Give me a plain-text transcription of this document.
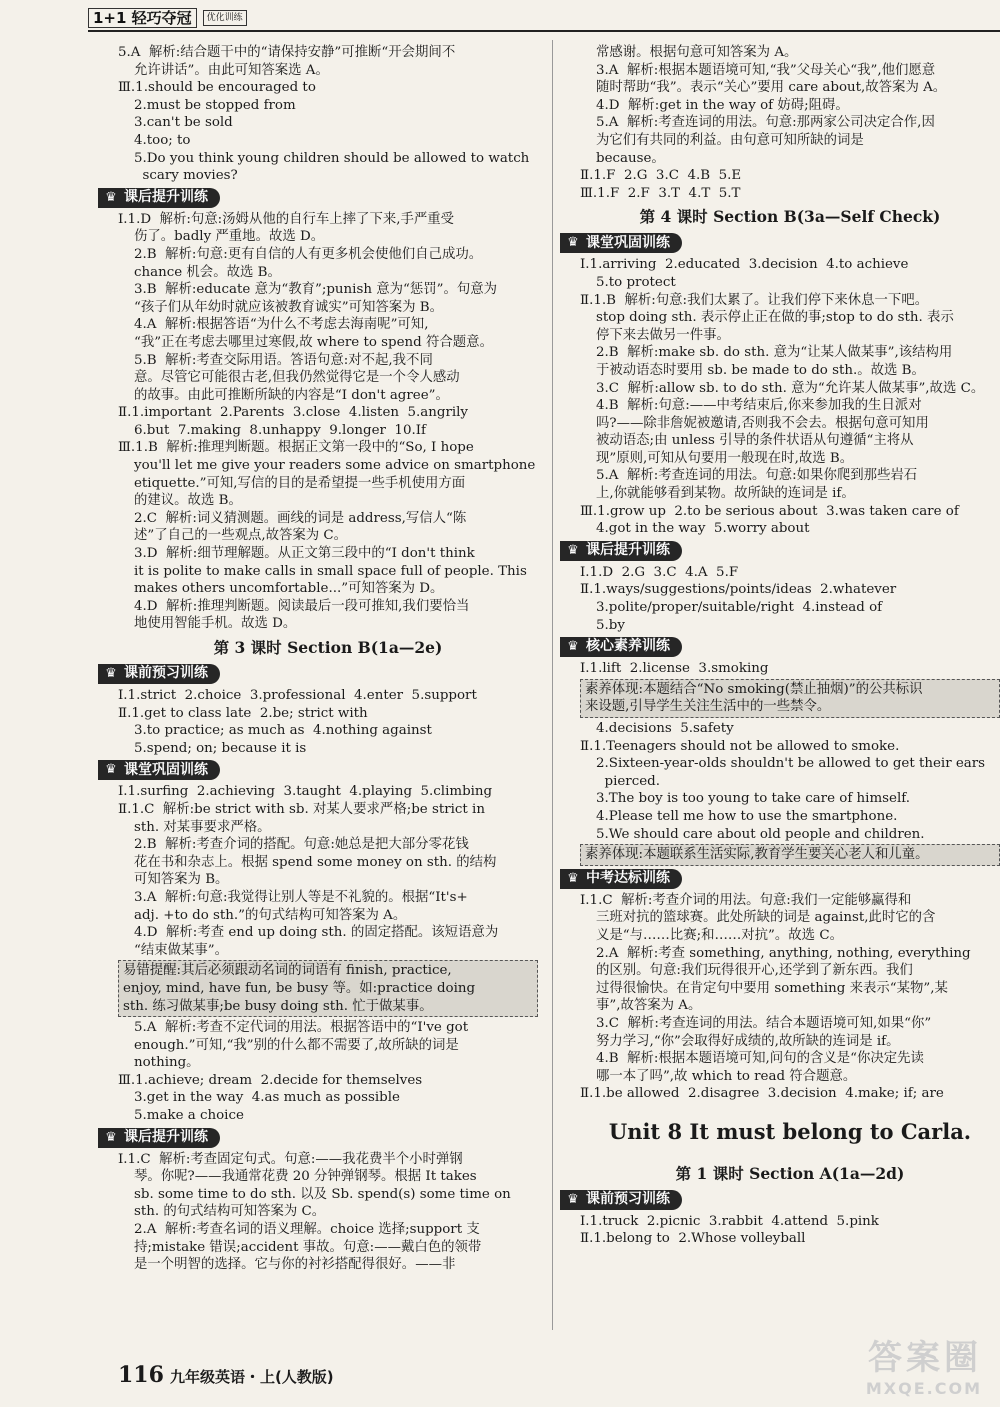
1+1 轻巧夺冠	优化训练
5.A  解析:结合题干中的“请保持安静”可推断“开会期间不
允许讲话”。由此可知答案选 A。
Ⅲ.1.should be encouraged to
2.must be stopped from
3.can't be sold
4.too; to
5.Do you think young children should be allowed to watch
scary movies?
♛ 课后提升训练
Ⅰ.1.D  解析:句意:汤姆从他的自行车上摔了下来,手严重受
伤了。badly 严重地。故选 D。
2.B  解析:句意:更有自信的人有更多机会使他们自己成功。
chance 机会。故选 B。
3.B  解析:educate 意为“教育”;punish 意为“惩罚”。句意为
“孩子们从年幼时就应该被教育诚实”可知答案为 B。
4.A  解析:根据答语“为什么不考虑去海南呢”可知,
“我”正在考虑去哪里过寒假,故 where to spend 符合题意。
5.B  解析:考查交际用语。答语句意:对不起,我不同
意。尽管它可能很古老,但我仍然觉得它是一个令人感动
的故事。由此可推断所缺的内容是“I don't agree”。
Ⅱ.1.important  2.Parents  3.close  4.listen  5.angrily
6.but  7.making  8.unhappy  9.longer  10.If
Ⅲ.1.B  解析:推理判断题。根据正文第一段中的“So, I hope
you'll let me give your readers some advice on smartphone
etiquette.”可知,写信的目的是希望提一些手机使用方面
的建议。故选 B。
2.C  解析:词义猜测题。画线的词是 address,写信人“陈
述”了自己的一些观点,故答案为 C。
3.D  解析:细节理解题。从正文第三段中的“I don't think
it is polite to make calls in small space full of people. This
makes others uncomfortable...”可知答案为 D。
4.D  解析:推理判断题。阅读最后一段可推知,我们要恰当
地使用智能手机。故选 D。
第 3 课时 Section B(1a—2e)
♛ 课前预习训练
Ⅰ.1.strict  2.choice  3.professional  4.enter  5.support
Ⅱ.1.get to class late  2.be; strict with
3.to practice; as much as  4.nothing against
5.spend; on; because it is
♛ 课堂巩固训练
Ⅰ.1.surfing  2.achieving  3.taught  4.playing  5.climbing
Ⅱ.1.C  解析:be strict with sb. 对某人要求严格;be strict in
sth. 对某事要求严格。
2.B  解析:考查介词的搭配。句意:她总是把大部分零花钱
花在书和杂志上。根据 spend some money on sth. 的结构
可知答案为 B。
3.A  解析:句意:我觉得让别人等是不礼貌的。根据“It's+
adj. +to do sth.”的句式结构可知答案为 A。
4.D  解析:考查 end up doing sth. 的固定搭配。该短语意为
“结束做某事”。
易错提醒:其后必须跟动名词的词语有 finish, practice,
enjoy, mind, have fun, be busy 等。如:practice doing
sth. 练习做某事;be busy doing sth. 忙于做某事。
5.A  解析:考查不定代词的用法。根据答语中的“I've got
enough.”可知,“我”别的什么都不需要了,故所缺的词是
nothing。
Ⅲ.1.achieve; dream  2.decide for themselves
3.get in the way  4.as much as possible
5.make a choice
♛ 课后提升训练
Ⅰ.1.C  解析:考查固定句式。句意:——我花费半个小时弹钢
琴。你呢?——我通常花费 20 分钟弹钢琴。根据 It takes
sb. some time to do sth. 以及 Sb. spend(s) some time on
sth. 的句式结构可知答案为 C。
2.A  解析:考查名词的语义理解。choice 选择;support 支
持;mistake 错误;accident 事故。句意:——戴白色的领带
是一个明智的选择。它与你的衬衫搭配得很好。——非
常感谢。根据句意可知答案为 A。
3.A  解析:根据本题语境可知,“我”父母关心“我”,他们愿意
随时帮助“我”。表示“关心”要用 care about,故答案为 A。
4.D  解析:get in the way of 妨碍;阻碍。
5.A  解析:考查连词的用法。句意:那两家公司决定合作,因
为它们有共同的利益。由句意可知所缺的词是
because。
Ⅱ.1.F  2.G  3.C  4.B  5.E
Ⅲ.1.F  2.F  3.T  4.T  5.T
第 4 课时 Section B(3a—Self Check)
♛ 课堂巩固训练
Ⅰ.1.arriving  2.educated  3.decision  4.to achieve
5.to protect
Ⅱ.1.B  解析:句意:我们太累了。让我们停下来休息一下吧。
stop doing sth. 表示停止正在做的事;stop to do sth. 表示
停下来去做另一件事。
2.B  解析:make sb. do sth. 意为“让某人做某事”,该结构用
于被动语态时要用 sb. be made to do sth.。故选 B。
3.C  解析:allow sb. to do sth. 意为“允许某人做某事”,故选 C。
4.B  解析:句意:——中考结束后,你来参加我的生日派对
吗?——除非詹妮被邀请,否则我不会去。根据句意可知用
被动语态;由 unless 引导的条件状语从句遵循“主将从
现”原则,可知从句要用一般现在时,故选 B。
5.A  解析:考查连词的用法。句意:如果你爬到那些岩石
上,你就能够看到某物。故所缺的连词是 if。
Ⅲ.1.grow up  2.to be serious about  3.was taken care of
4.got in the way  5.worry about
♛ 课后提升训练
Ⅰ.1.D  2.G  3.C  4.A  5.F
Ⅱ.1.ways/suggestions/points/ideas  2.whatever
3.polite/proper/suitable/right  4.instead of
5.by
♛ 核心素养训练
Ⅰ.1.lift  2.license  3.smoking
素养体现:本题结合“No smoking(禁止抽烟)”的公共标识
来设题,引导学生关注生活中的一些禁令。
4.decisions  5.safety
Ⅱ.1.Teenagers should not be allowed to smoke.
2.Sixteen-year-olds shouldn't be allowed to get their ears
pierced.
3.The boy is too young to take care of himself.
4.Please tell me how to use the smartphone.
5.We should care about old people and children.
素养体现:本题联系生活实际,教育学生要关心老人和儿童。
♛ 中考达标训练
Ⅰ.1.C  解析:考查介词的用法。句意:我们一定能够赢得和
三班对抗的篮球赛。此处所缺的词是 against,此时它的含
义是“与……比赛;和……对抗”。故选 C。
2.A  解析:考查 something, anything, nothing, everything
的区别。句意:我们玩得很开心,还学到了新东西。我们
过得很愉快。在肯定句中要用 something 来表示“某物”,某
事”,故答案为 A。
3.C  解析:考查连词的用法。结合本题语境可知,如果“你”
努力学习,“你”会取得好成绩的,故所缺的连词是 if。
4.B  解析:根据本题语境可知,问句的含义是“你决定先读
哪一本了吗”,故 which to read 符合题意。
Ⅱ.1.be allowed  2.disagree  3.decision  4.make; if; are
Unit 8 It must belong to Carla.
第 1 课时 Section A(1a—2d)
♛ 课前预习训练
Ⅰ.1.truck  2.picnic  3.rabbit  4.attend  5.pink
Ⅱ.1.belong to  2.Whose volleyball
116 九年级英语・上(人教版)	答案圈
MXQE.COM
